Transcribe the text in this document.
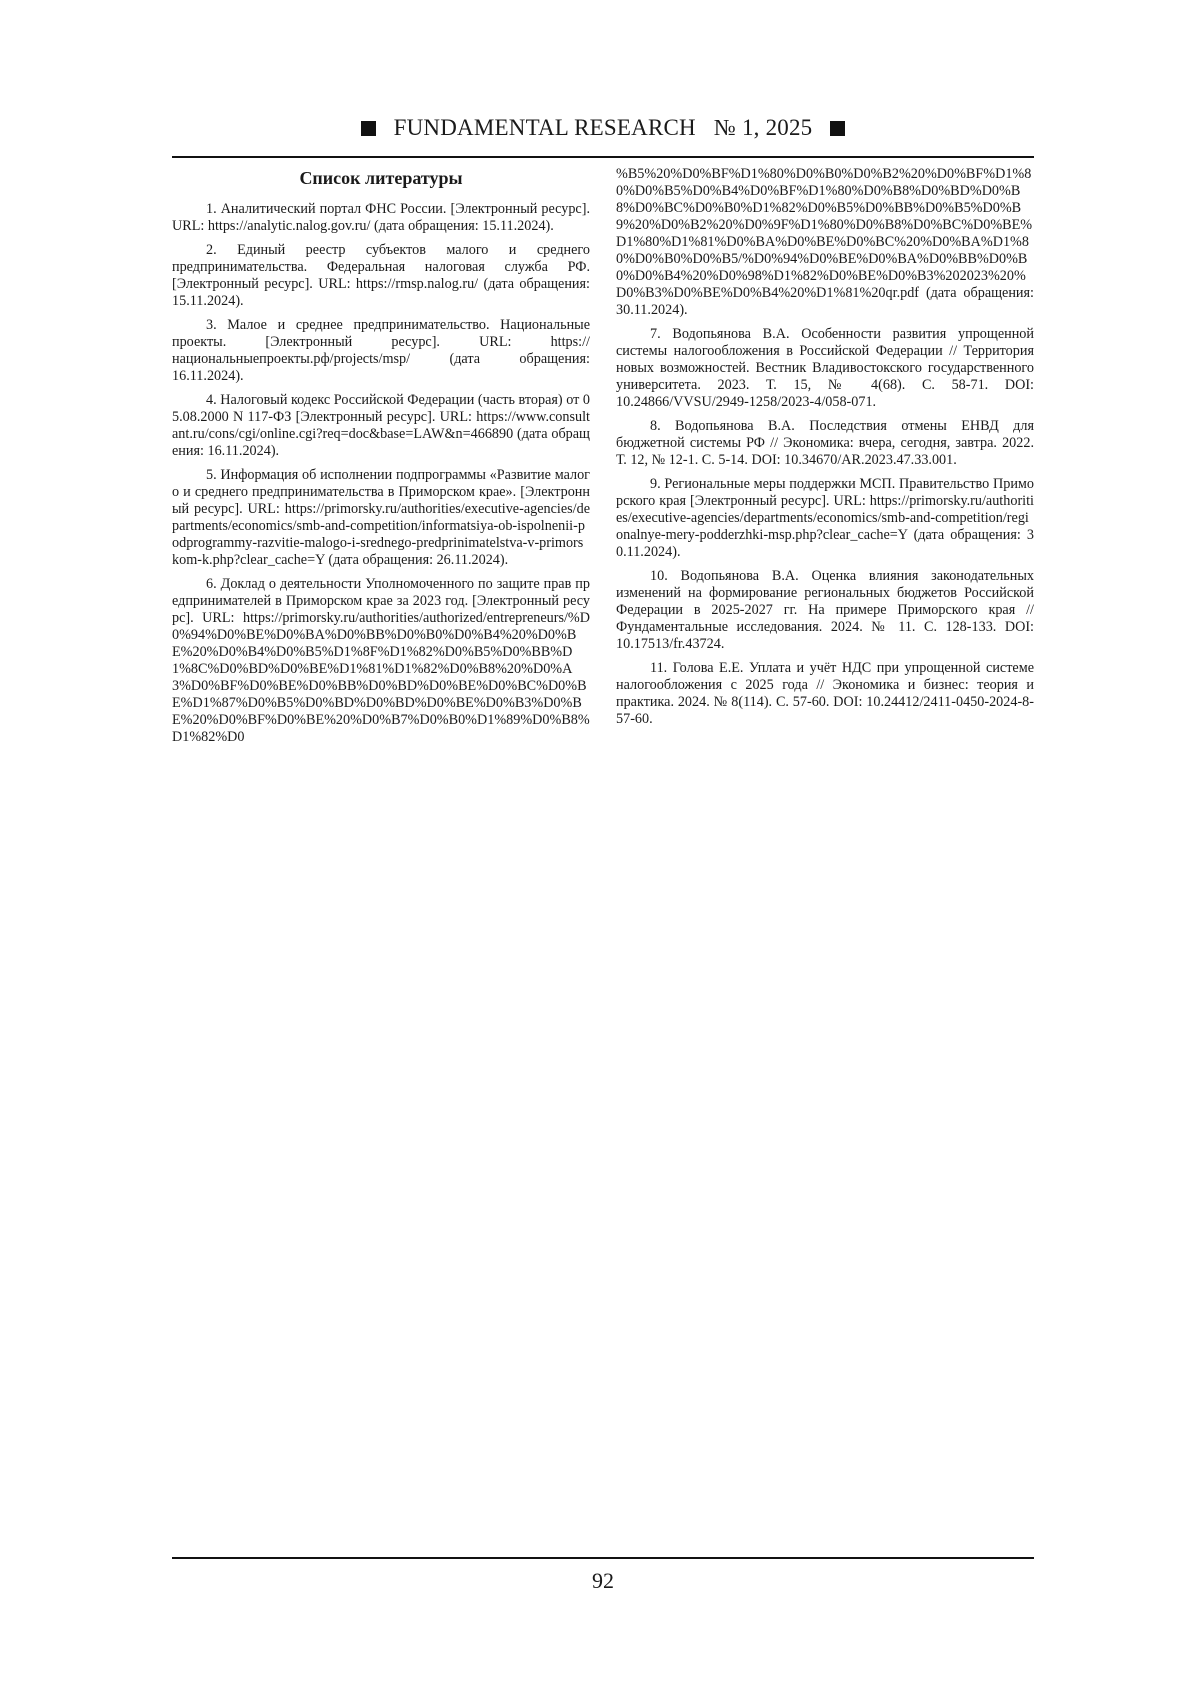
FUNDAMENTAL RESEARCH № 1, 2025
Список литературы

1. Аналитический портал ФНС России. [Электронный ресурс]. URL: https://analytic.nalog.gov.ru/ (дата обращения: 15.11.2024).

2. Единый реестр субъектов малого и среднего предпринимательства. Федеральная налоговая служба РФ. [Электронный ресурс]. URL: https://rmsp.nalog.ru/ (дата обращения: 15.11.2024).

3. Малое и среднее предпринимательство. Национальные проекты. [Электронный ресурс]. URL: https://национальныепроекты.рф/projects/msp/ (дата обращения: 16.11.2024).

4. Налоговый кодекс Российской Федерации (часть вторая) от 05.08.2000 N 117-ФЗ [Электронный ресурс]. URL: https://www.consultant.ru/cons/cgi/online.cgi?req=doc&base=LAW&n=466890 (дата обращения: 16.11.2024).

5. Информация об исполнении подпрограммы «Развитие малого и среднего предпринимательства в Приморском крае». [Электронный ресурс]. URL: https://primorsky.ru/authorities/executive-agencies/departments/economics/smb-and-competition/informatsiya-ob-ispolnenii-podprogrammy-razvitie-malogo-i-srednego-predprinimatelstva-v-primorskom-k.php?clear_cache=Y (дата обращения: 26.11.2024).

6. Доклад о деятельности Уполномоченного по защите прав предпринимателей в Приморском крае за 2023 год. [Электронный ресурс]. URL: https://primorsky.ru/authorities/authorized/entrepreneurs/%D0%94%D0%BE%D0%BA%D0%BB%D0%B0%D0%B4%20%D0%BE%20%D0%B4%D0%B5%D1%8F%D1%82%D0%B5%D0%BB%D1%8C%D0%BD%D0%BE%D1%81%D1%82%D0%B8%20%D0%A3%D0%BF%D0%BE%D0%BB%D0%BD%D0%BE%D0%BC%D0%BE%D1%87%D0%B5%D0%BD%D0%BD%D0%BE%D0%B3%D0%BE%20%D0%BF%D0%BE%20%D0%B7%D0%B0%D1%89%D0%B8%D1%82%D0

%B5%20%D0%BF%D1%80%D0%B0%D0%B2%20%D0%BF%D1%80%D0%B5%D0%B4%D0%BF%D1%80%D0%B8%D0%BD%D0%B8%D0%BC%D0%B0%D1%82%D0%B5%D0%BB%D0%B5%D0%B9%20%D0%B2%20%D0%9F%D1%80%D0%B8%D0%BC%D0%BE%D1%80%D1%81%D0%BA%D0%BE%D0%BC%20%D0%BA%D1%80%D0%B0%D0%B5/%D0%94%D0%BE%D0%BA%D0%BB%D0%B0%D0%B4%20%D0%98%D1%82%D0%BE%D0%B3%202023%20%D0%B3%D0%BE%D0%B4%20%D1%81%20qr.pdf (дата обращения: 30.11.2024).

7. Водопьянова В.А. Особенности развития упрощенной системы налогообложения в Российской Федерации // Территория новых возможностей. Вестник Владивостокского государственного университета. 2023. Т. 15, № 4(68). С. 58-71. DOI: 10.24866/VVSU/2949-1258/2023-4/058-071.

8. Водопьянова В.А. Последствия отмены ЕНВД для бюджетной системы РФ // Экономика: вчера, сегодня, завтра. 2022. Т. 12, № 12-1. С. 5-14. DOI: 10.34670/AR.2023.47.33.001.

9. Региональные меры поддержки МСП. Правительство Приморского края [Электронный ресурс]. URL: https://primorsky.ru/authorities/executive-agencies/departments/economics/smb-and-competition/regionalnye-mery-podderzhki-msp.php?clear_cache=Y (дата обращения: 30.11.2024).

10. Водопьянова В.А. Оценка влияния законодательных изменений на формирование региональных бюджетов Российской Федерации в 2025-2027 гг. На примере Приморского края // Фундаментальные исследования. 2024. № 11. С. 128-133. DOI: 10.17513/fr.43724.

11. Голова Е.Е. Уплата и учёт НДС при упрощенной системе налогообложения с 2025 года // Экономика и бизнес: теория и практика. 2024. № 8(114). С. 57-60. DOI: 10.24412/2411-0450-2024-8-57-60.

92
